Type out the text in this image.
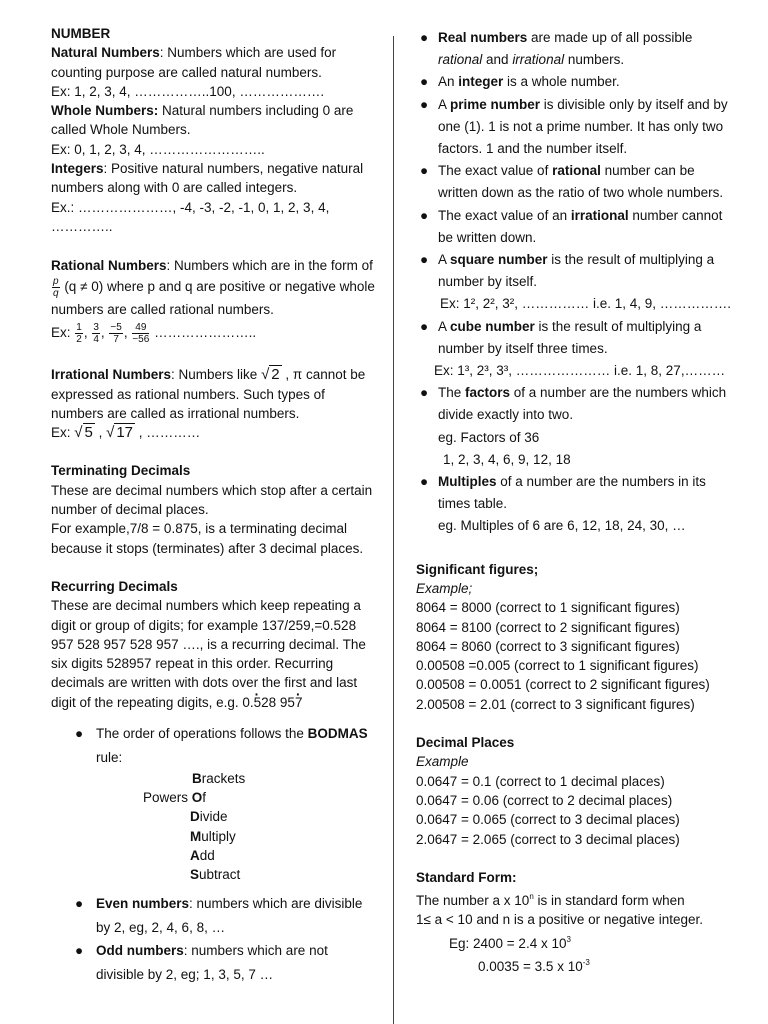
NUMBER

Natural Numbers: Numbers which are used for counting purpose are called natural numbers.

Ex: 1, 2, 3, 4, ……………..100, ……………….

Whole Numbers: Natural numbers including 0 are called Whole Numbers.

Ex: 0, 1, 2, 3, 4, ……………………..

Integers: Positive natural numbers, negative natural numbers along with 0 are called integers.

Ex.: …………………, -4, -3, -2, -1, 0, 1, 2, 3, 4, …………..

Rational Numbers: Numbers which are in the form of
$\frac{p}{q} (q \ne 0)$ where p and q are positive or negative whole numbers are called rational numbers.

Ex: $\frac{1}{2}$ , $\frac{3}{4}$ , $\frac{-5}{7}$ , $\frac{49}{-56}$ …………………..

Irrational Numbers: Numbers like √ 2 , π cannot be expressed as rational numbers. Such types of numbers are called as irrational numbers.

Ex: √ 5 , √ 17 , …………

Terminating Decimals

These are decimal numbers which stop after a certain number of decimal places.

For example,7/8 = 0.875, is a terminating decimal because it stops (terminates) after 3 decimal places.

Recurring Decimals

These are decimal numbers which keep repeating a digit or group of digits; for example 137/259,=0.528 957 528 957 528 957 …., is a recurring decimal. The six digits 528957 repeat in this order. Recurring decimals are written with dots over the first and last digit of the repeating digits, e.g. 0.· 528 95· 7

● The order of operations follows the BODMAS rule:
Brackets
Powers Of
Divide
Multiply
Add
Subtract
● Even numbers: numbers which are divisible by 2, eg, 2, 4, 6, 8, …
● Odd numbers: numbers which are not divisible by 2, eg; 1, 3, 5, 7 …
● Real numbers are made up of all possible rational and irrational numbers.
● An integer is a whole number.
● A prime number is divisible only by itself and by one (1). 1 is not a prime number. It has only two factors. 1 and the number itself.
● The exact value of rational number can be written down as the ratio of two whole numbers.
● The exact value of an irrational number cannot be written down.
● A square number is the result of multiplying a number by itself.
Ex: 1², 2², 3², …………… i.e. 1, 4, 9, …………….
● A cube number is the result of multiplying a number by itself three times.
Ex: 1³, 2³, 3³, ………………… i.e. 1, 8, 27,………
● The factors of a number are the numbers which divide exactly into two.
eg. Factors of 36
1, 2, 3, 4, 6, 9, 12, 18
● Multiples of a number are the numbers in its times table.
eg. Multiples of 6 are 6, 12, 18, 24, 30, …

Significant figures;

Example;

8064 = 8000 (correct to 1 significant figures)

8064 = 8100 (correct to 2 significant figures)

8064 = 8060 (correct to 3 significant figures)

0.00508 =0.005 (correct to 1 significant figures)

0.00508 = 0.0051 (correct to 2 significant figures)

2.00508 = 2.01 (correct to 3 significant figures)

Decimal Places

Example

0.0647 = 0.1 (correct to 1 decimal places)

0.0647 = 0.06 (correct to 2 decimal places)

0.0647 = 0.065 (correct to 3 decimal places)

2.0647 = 2.065 (correct to 3 decimal places)

Standard Form:

The number a x 10$^n$ is in standard form when

1≤ a < 10 and n is a positive or negative integer.

Eg: 2400 = 2.4 x $10^3$

0.0035 = 3.5 x $10^{-3}$
